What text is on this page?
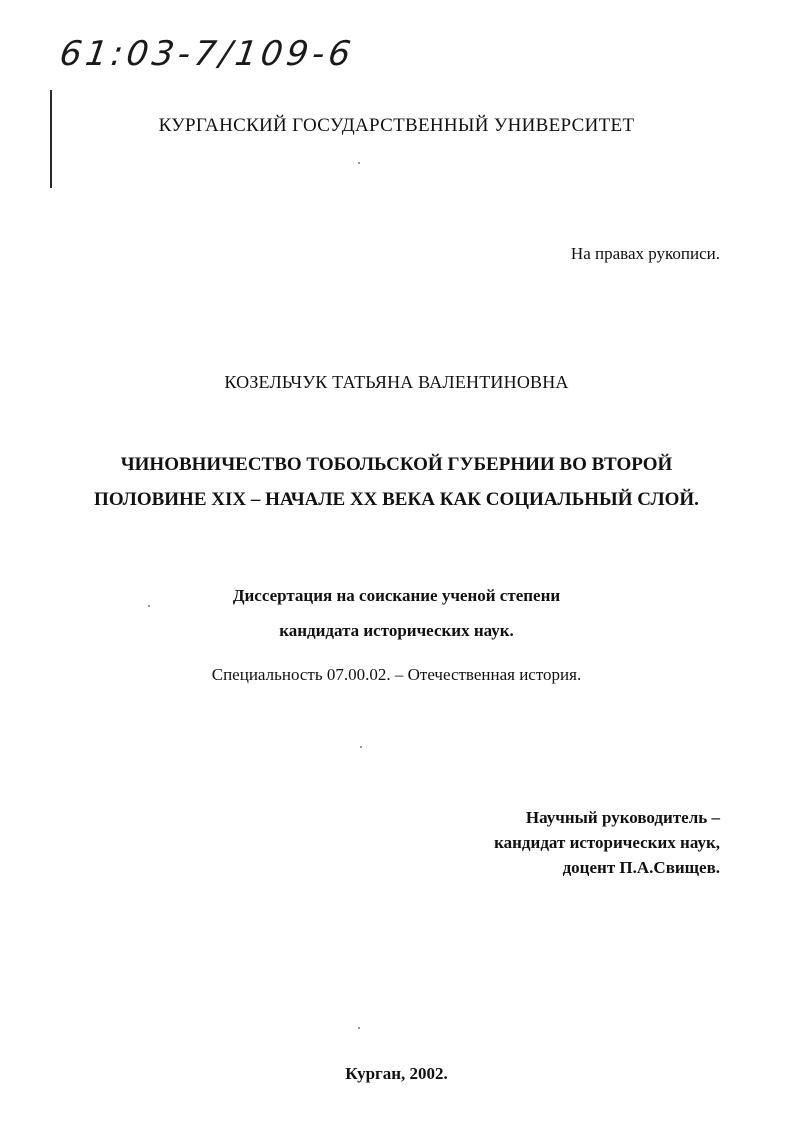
61:03-7/109-6
КУРГАНСКИЙ ГОСУДАРСТВЕННЫЙ УНИВЕРСИТЕТ
На правах рукописи.
КОЗЕЛЬЧУК ТАТЬЯНА ВАЛЕНТИНОВНА
ЧИНОВНИЧЕСТВО ТОБОЛЬСКОЙ ГУБЕРНИИ ВО ВТОРОЙ
ПОЛОВИНЕ XIX – НАЧАЛЕ XX ВЕКА КАК СОЦИАЛЬНЫЙ СЛОЙ.
Диссертация на соискание ученой степени
кандидата исторических наук.
Специальность 07.00.02. – Отечественная история.
Научный руководитель –
кандидат исторических наук,
доцент П.А.Свищев.
Курган, 2002.
